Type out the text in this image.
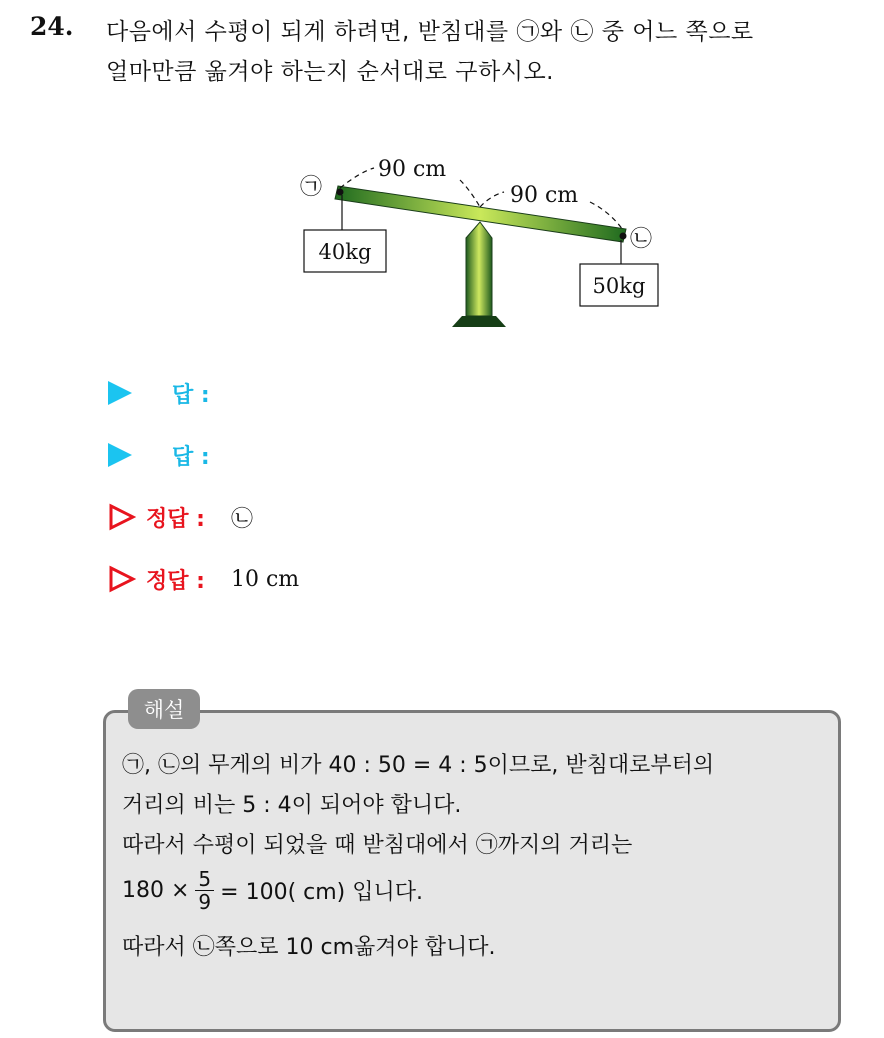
24. 다음에서 수평이 되게 하려면, 받침대를 ㉠와 ㉡ 중 어느 쪽으로
얼마만큼 옮겨야 하는지 순서대로 구하시오.
90 cm
90 cm
㉠
㉡
40kg
50kg
답 :
답 :
정답 : ㉡
정답 : 10 cm
해설
㉠, ㉡의 무게의 비가 40 : 50 = 4 : 5이므로, 받침대로부터의
거리의 비는 5 : 4이 되어야 합니다.
따라서 수평이 되었을 때 받침대에서 ㉠까지의 거리는
$180 \times \frac{5}{9} = 100$( cm) 입니다.
따라서 ㉡쪽으로 10 cm옮겨야 합니다.
